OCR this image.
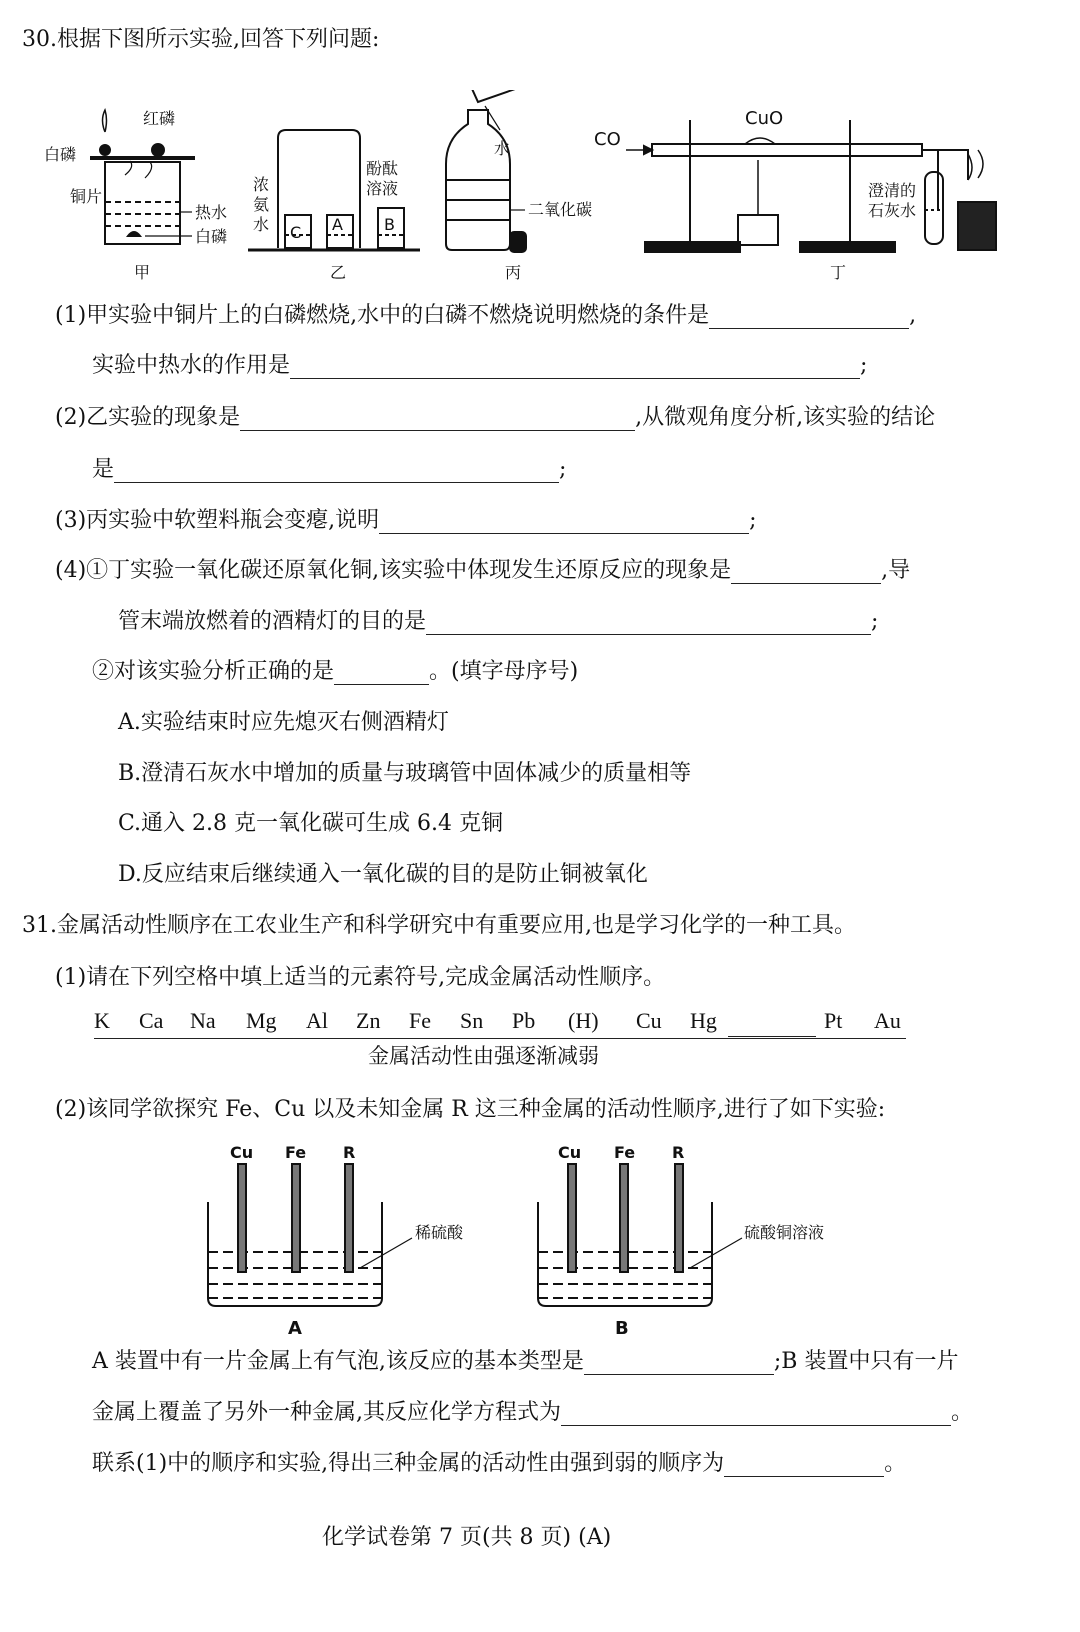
30.根据下图所示实验,回答下列问题:
红磷
白磷
铜片
热水
白磷
甲
C A	B
浓
氨
水
酚酞
溶液
乙
水
二氧化碳
丙
CO
CuO
澄清的
石灰水
丁
(1)甲实验中铜片上的白磷燃烧,水中的白磷不燃烧说明燃烧的条件是	,
实验中热水的作用是	;
(2)乙实验的现象是	,从微观角度分析,该实验的结论
是	;
(3)丙实验中软塑料瓶会变瘪,说明	;
(4)①丁实验一氧化碳还原氧化铜,该实验中体现发生还原反应的现象是	,导
管末端放燃着的酒精灯的目的是	;
②对该实验分析正确的是	。(填字母序号)
A.实验结束时应先熄灭右侧酒精灯
B.澄清石灰水中增加的质量与玻璃管中固体减少的质量相等
C.通入 2.8 克一氧化碳可生成 6.4 克铜
D.反应结束后继续通入一氧化碳的目的是防止铜被氧化
31.金属活动性顺序在工农业生产和科学研究中有重要应用,也是学习化学的一种工具。
(1)请在下列空格中填上适当的元素符号,完成金属活动性顺序。
K Ca Na Mg Al Zn Fe Sn Pb (H) Cu Hg	Pt Au
金属活动性由强逐渐减弱
(2)该同学欲探究 Fe、Cu 以及未知金属 R 这三种金属的活动性顺序,进行了如下实验:
Cu Fe R
稀硫酸
A
Cu Fe R
硫酸铜溶液
B
A 装置中有一片金属上有气泡,该反应的基本类型是	;B 装置中只有一片
金属上覆盖了另外一种金属,其反应化学方程式为	。
联系(1)中的顺序和实验,得出三种金属的活动性由强到弱的顺序为	。
化学试卷第 7 页(共 8 页) (A)
